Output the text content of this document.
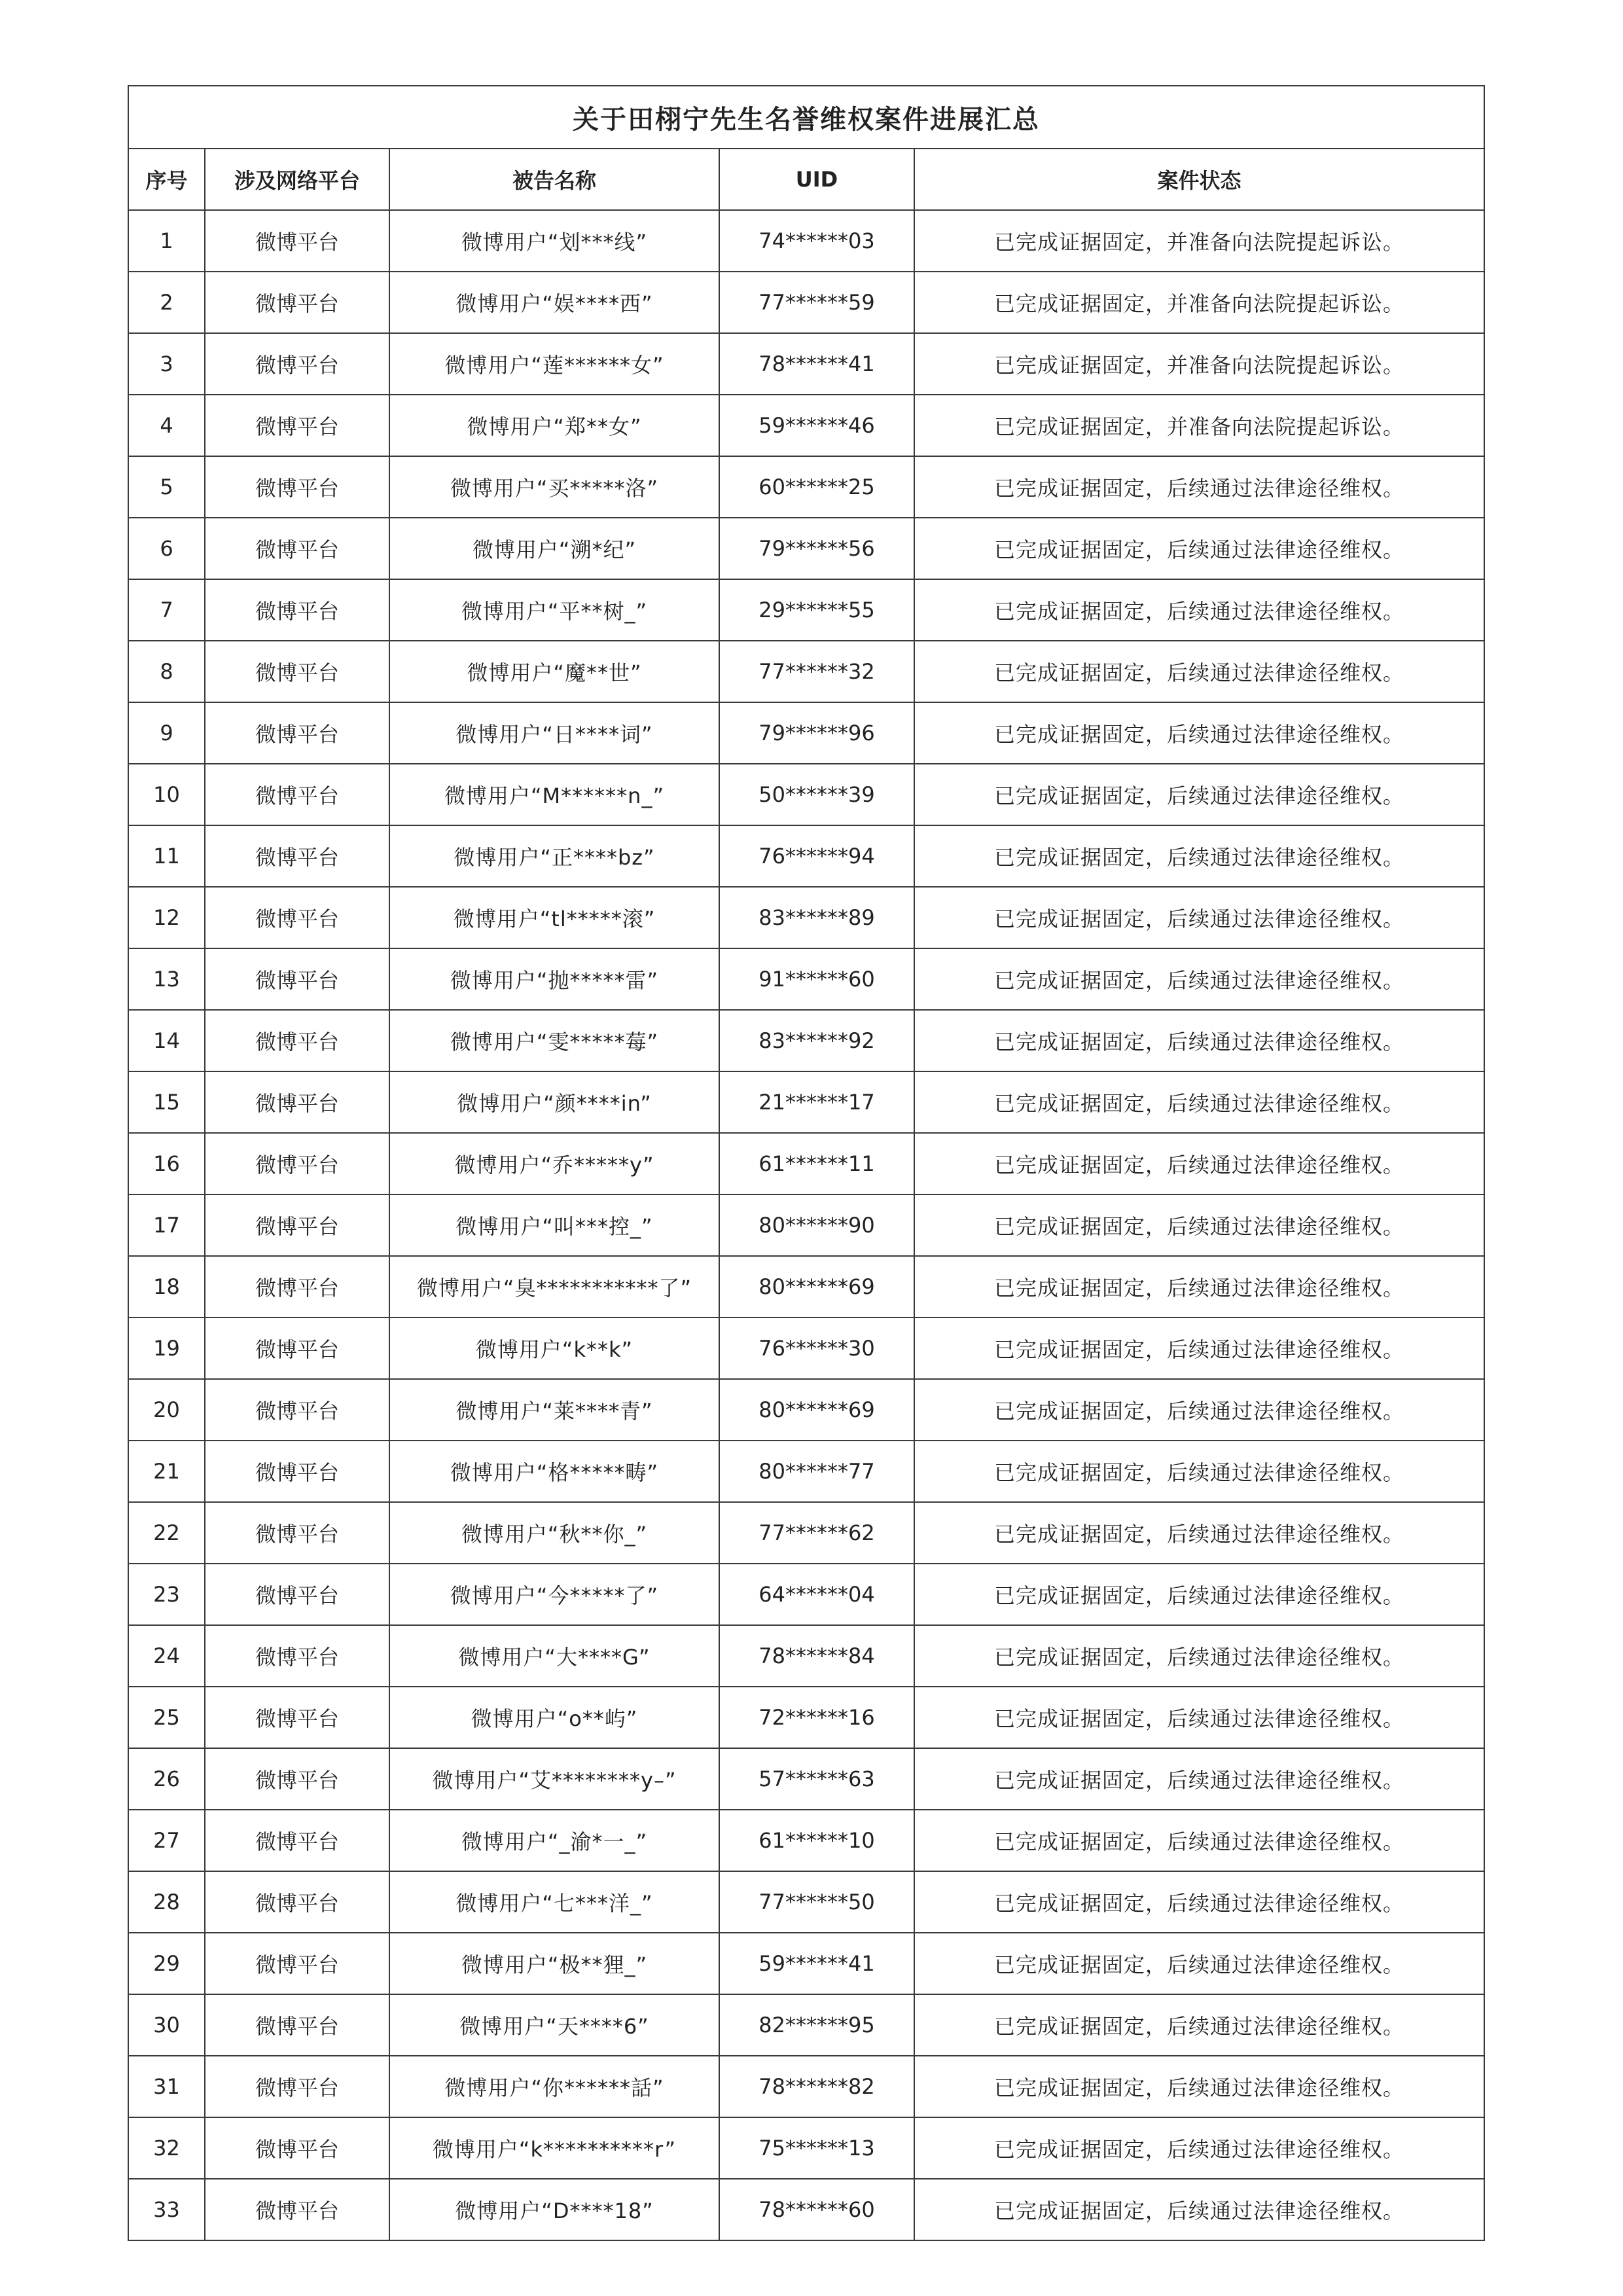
关于田栩宁先生名誉维权案件进展汇总				
序号	涉及网络平台	被告名称	UID	案件状态
1	微博平台	微博用户“划***线”	74******03	已完成证据固定，并准备向法院提起诉讼。
2	微博平台	微博用户“娱****西”	77******59	已完成证据固定，并准备向法院提起诉讼。
3	微博平台	微博用户“莲******女”	78******41	已完成证据固定，并准备向法院提起诉讼。
4	微博平台	微博用户“郑**女”	59******46	已完成证据固定，并准备向法院提起诉讼。
5	微博平台	微博用户“买*****洛”	60******25	已完成证据固定，后续通过法律途径维权。
6	微博平台	微博用户“溯*纪”	79******56	已完成证据固定，后续通过法律途径维权。
7	微博平台	微博用户“平**树_”	29******55	已完成证据固定，后续通过法律途径维权。
8	微博平台	微博用户“魔**世”	77******32	已完成证据固定，后续通过法律途径维权。
9	微博平台	微博用户“日****词”	79******96	已完成证据固定，后续通过法律途径维权。
10	微博平台	微博用户“M******n_”	50******39	已完成证据固定，后续通过法律途径维权。
11	微博平台	微博用户“正****bz”	76******94	已完成证据固定，后续通过法律途径维权。
12	微博平台	微博用户“tl*****滚”	83******89	已完成证据固定，后续通过法律途径维权。
13	微博平台	微博用户“抛*****雷”	91******60	已完成证据固定，后续通过法律途径维权。
14	微博平台	微博用户“雯*****莓”	83******92	已完成证据固定，后续通过法律途径维权。
15	微博平台	微博用户“颜****in”	21******17	已完成证据固定，后续通过法律途径维权。
16	微博平台	微博用户“乔*****y”	61******11	已完成证据固定，后续通过法律途径维权。
17	微博平台	微博用户“叫***控_”	80******90	已完成证据固定，后续通过法律途径维权。
18	微博平台	微博用户“臭***********了”	80******69	已完成证据固定，后续通过法律途径维权。
19	微博平台	微博用户“k**k”	76******30	已完成证据固定，后续通过法律途径维权。
20	微博平台	微博用户“莱****青”	80******69	已完成证据固定，后续通过法律途径维权。
21	微博平台	微博用户“格*****畴”	80******77	已完成证据固定，后续通过法律途径维权。
22	微博平台	微博用户“秋**你_”	77******62	已完成证据固定，后续通过法律途径维权。
23	微博平台	微博用户“今*****了”	64******04	已完成证据固定，后续通过法律途径维权。
24	微博平台	微博用户“大****G”	78******84	已完成证据固定，后续通过法律途径维权。
25	微博平台	微博用户“o**屿”	72******16	已完成证据固定，后续通过法律途径维权。
26	微博平台	微博用户“艾********y–”	57******63	已完成证据固定，后续通过法律途径维权。
27	微博平台	微博用户“_渝*一_”	61******10	已完成证据固定，后续通过法律途径维权。
28	微博平台	微博用户“七***洋_”	77******50	已完成证据固定，后续通过法律途径维权。
29	微博平台	微博用户“极**狸_”	59******41	已完成证据固定，后续通过法律途径维权。
30	微博平台	微博用户“天****6”	82******95	已完成证据固定，后续通过法律途径维权。
31	微博平台	微博用户“你******話”	78******82	已完成证据固定，后续通过法律途径维权。
32	微博平台	微博用户“k**********r”	75******13	已完成证据固定，后续通过法律途径维权。
33	微博平台	微博用户“D****18”	78******60	已完成证据固定，后续通过法律途径维权。
